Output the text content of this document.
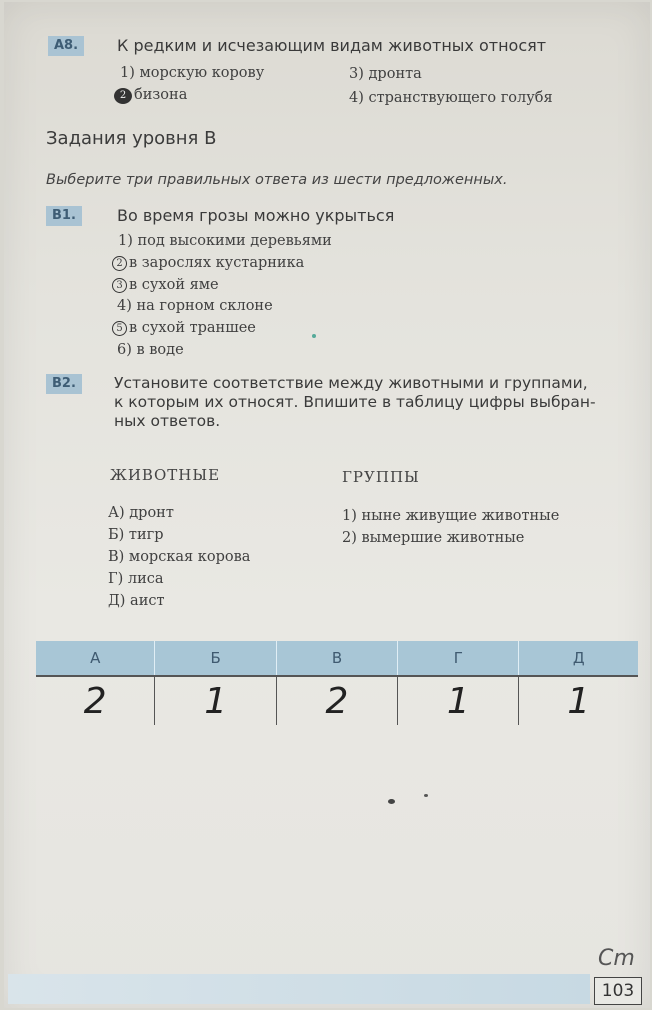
А8.	К редким и исчезающим видам животных относят
1) морскую корову
2 бизона
3) дронта
4) странствующего голубя
Задания уровня В
Выберите три правильных ответа из шести предложенных.
В1.	Во время грозы можно укрыться
1) под высокими деревьями
2 в зарослях кустарника
3 в сухой яме
4) на горном склоне
5 в сухой траншее
6) в воде
В2.	Установите соответствие между животными и группами,
к которым их относят. Впишите в таблицу цифры выбран-
ных ответов.
ЖИВОТНЫЕ	ГРУППЫ
А) дронт
Б) тигр
В) морская корова
Г) лиса
Д) аист
1) ныне живущие животные
2) вымершие животные
А	Б	В	Г	Д
2	1	2	1	1
Cm
103
